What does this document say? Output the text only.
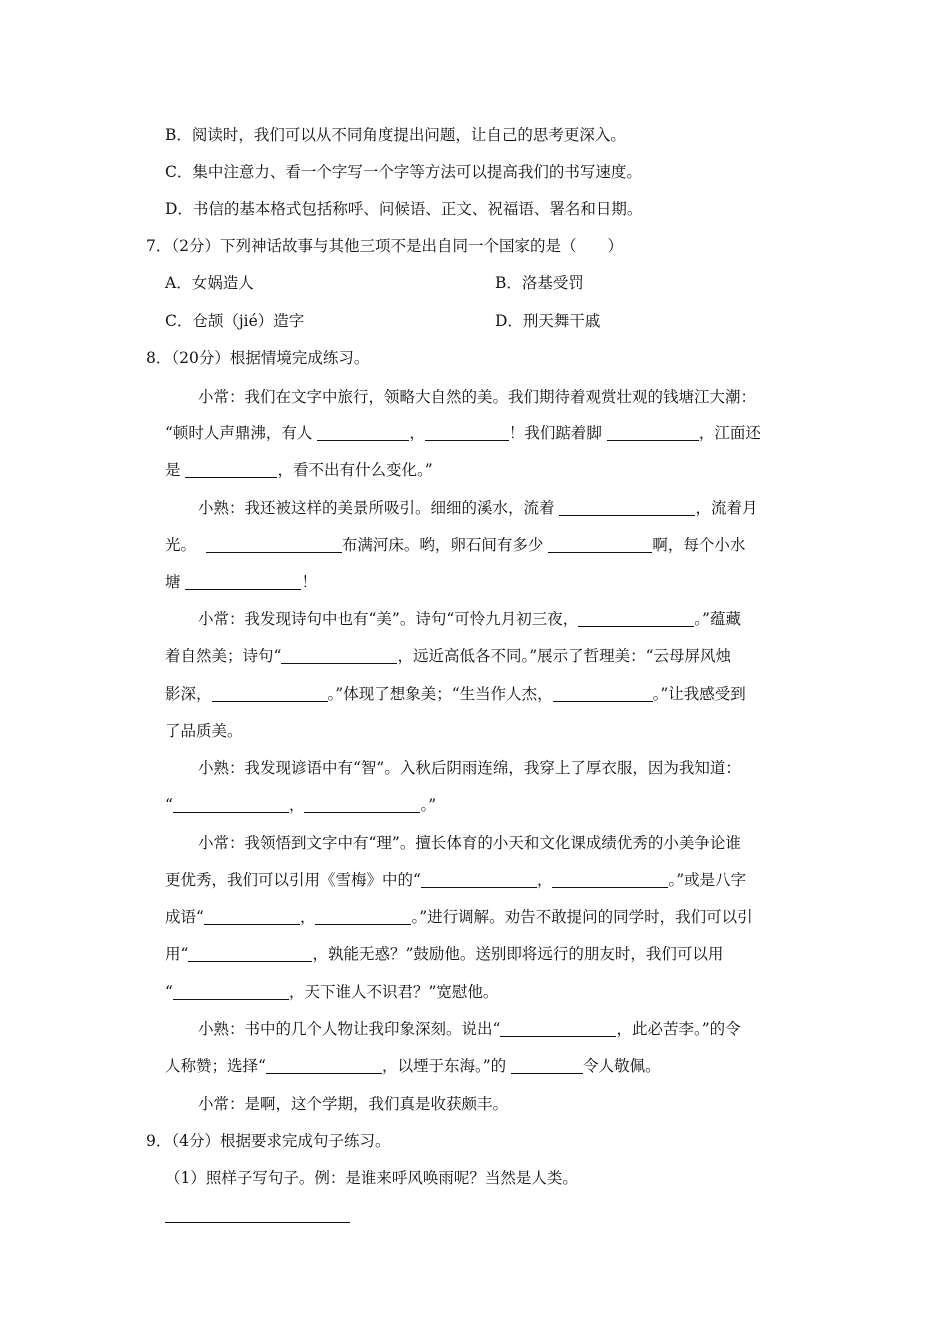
B．阅读时，我们可以从不同角度提出问题，让自己的思考更深入。
C．集中注意力、看一个字写一个字等方法可以提高我们的书写速度。
D．书信的基本格式包括称呼、问候语、正文、祝福语、署名和日期。
7．（2分）下列神话故事与其他三项不是出自同一个国家的是（　　）
A．女娲造人	B．洛基受罚
C．仓颉（jié）造字	D．刑天舞干戚
8．（20分）根据情境完成练习。
小常：我们在文字中旅行，领略大自然的美。我们期待着观赏壮观的钱塘江大潮：
“顿时人声鼎沸，有人	，	！我们踮着脚	，江面还
是	，看不出有什么变化。”
小熟：我还被这样的美景所吸引。细细的溪水，流着	，流着月
光。	布满河床。哟，卵石间有多少	啊，每个小水
塘	！
小常：我发现诗句中也有“美”。诗句“可怜九月初三夜，	。”蕴藏
着自然美；诗句“	，远近高低各不同。”展示了哲理美：“云母屏风烛
影深，	。”体现了想象美；“生当作人杰，	。”让我感受到
了品质美。
小熟：我发现谚语中有“智”。入秋后阴雨连绵，我穿上了厚衣服，因为我知道：
“	，	。”
小常：我领悟到文字中有“理”。擅长体育的小天和文化课成绩优秀的小美争论谁
更优秀，我们可以引用《雪梅》中的“	，	。”或是八字
成语“	，	。”进行调解。劝告不敢提问的同学时，我们可以引
用“	，孰能无惑？”鼓励他。送别即将远行的朋友时，我们可以用
“	，天下谁人不识君？”宽慰他。
小熟：书中的几个人物让我印象深刻。说出“	，此必苦李。”的令
人称赞；选择“	，以堙于东海。”的	令人敬佩。
小常：是啊，这个学期，我们真是收获颇丰。
9．（4分）根据要求完成句子练习。
（1）照样子写句子。例：是谁来呼风唤雨呢？当然是人类。
